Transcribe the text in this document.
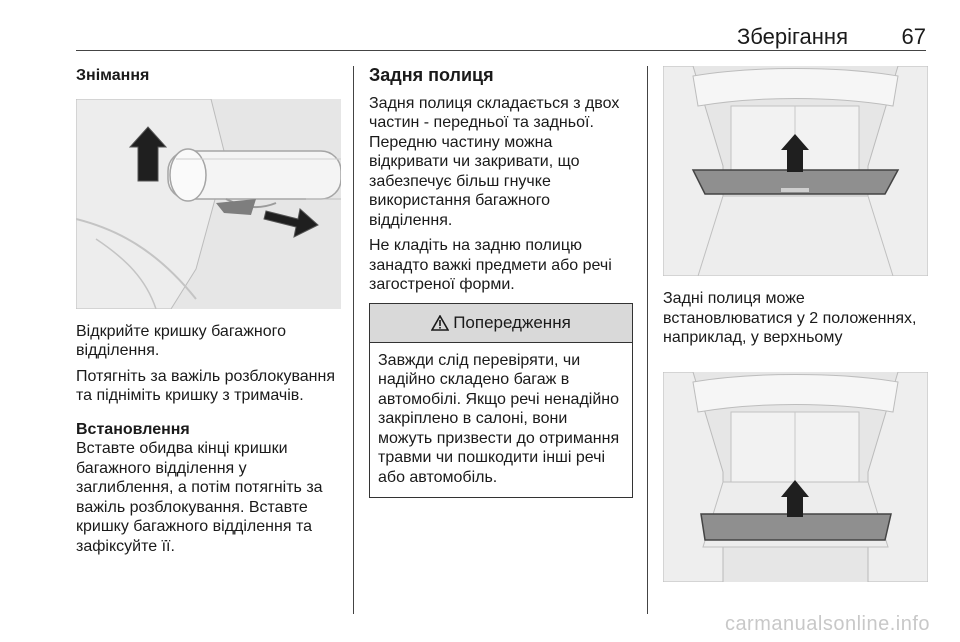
Зберігання 67

Знімання

Відкрийте кришку багажного відділення.

Потягніть за важіль розблокування та підніміть кришку з тримачів.

Встановлення

Вставте обидва кінці кришки багажного відділення у заглиблення, а потім потягніть за важіль розблокування. Вставте кришку багажного відділення та зафіксуйте її.

Задня полиця

Задня полиця складається з двох частин - передньої та задньої. Передню частину можна відкривати чи закривати, що забезпечує більш гнучке використання багажного відділення.

Не кладіть на задню полицю занадто важкі предмети або речі загостреної форми.

Попередження
Завжди слід перевіряти, чи надійно складено багаж в автомобілі. Якщо речі ненадійно закріплено в салоні, вони можуть призвести до отримання травми чи пошкодити інші речі або автомобіль.

Задні полиця може встановлюватися у 2 положеннях, наприклад, у верхньому

carmanualsonline.info
